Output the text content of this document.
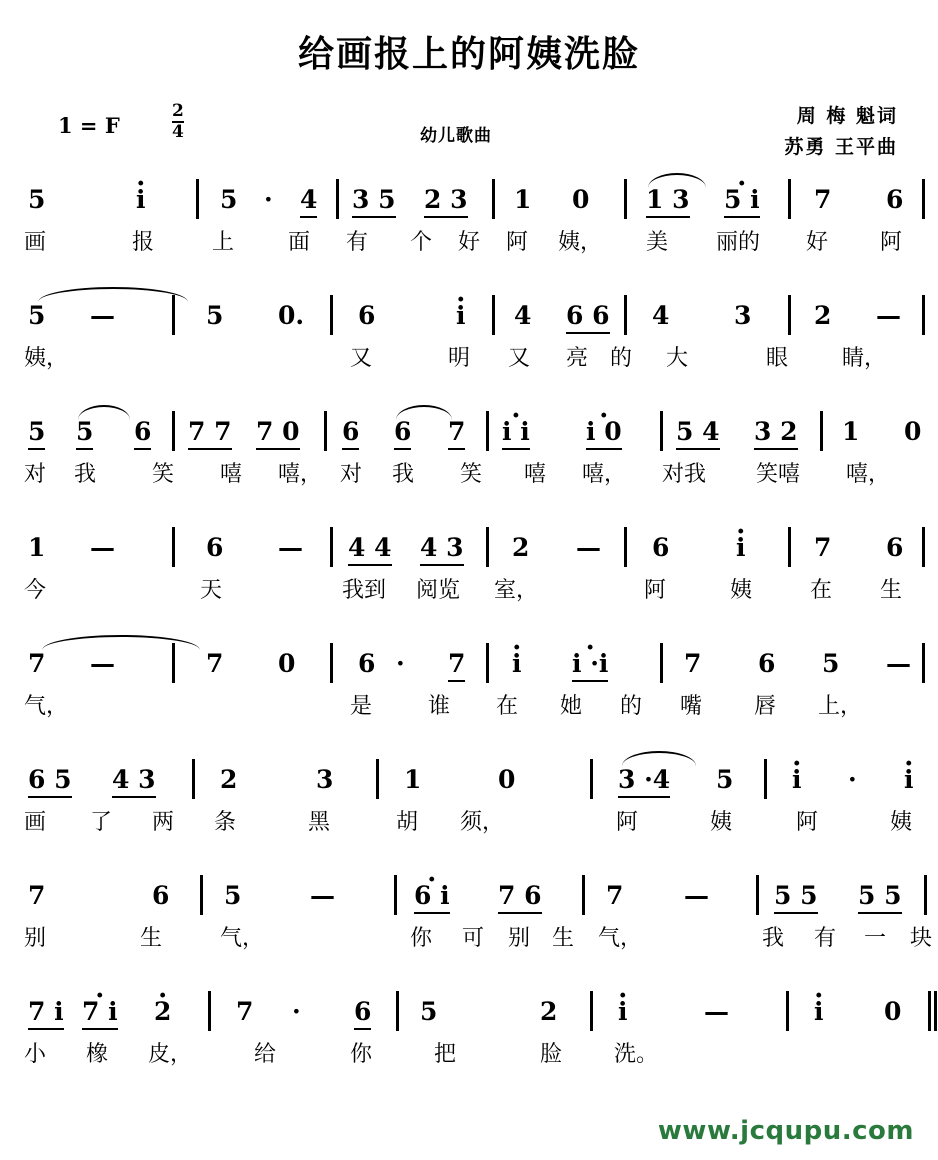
给画报上的阿姨洗脸
1 = F	$\frac{2}{4}$	幼儿歌曲
周 梅 魁词
苏勇 王平曲
5	i ·	5 · 4 3 5 2 3 1 0 1 3 5 i · 7 6
画	报	上 面 有 个 好 阿 姨， 美 丽的 好 阿
5 —	5 0. 6	i · 4 6 6 4	3	2 —
姨，	又	明 又 亮 的 大	眼 睛，
5 5 6 7 7 7 0 6 6 7 i i · i 0 · 5 4 3 2 1 0
对 我	笑 嘻 嘻， 对 我 笑 嘻 嘻， 对我 笑嘻 嘻，
1 —	6 — 4 4 4 3 2 — 6	i ·	7 6
今	天	我到 阅览 室，	阿	姨	在 生
7 —	7 0	6 · 7 i · i ·i ·	7 6 5 —
气，	是	谁 在 她 的 嘴 唇 上，
6 5 4 3	2	3	1	0	3 ·4 5 i · · i ·
画 了 两 条	黑	胡 须，	阿	姨	阿	姨
7	6 5	—	6 i · 7 6	7 —	5 5 5 5
别	生	气，	你 可 别 生 气，	我 有 一 块
7 i 7 i · 2 ·	7 · 6 5	2 i ·	—	i · 0
小 橡 皮，	给	你	把	脸 洗。
www.jcqupu.com
